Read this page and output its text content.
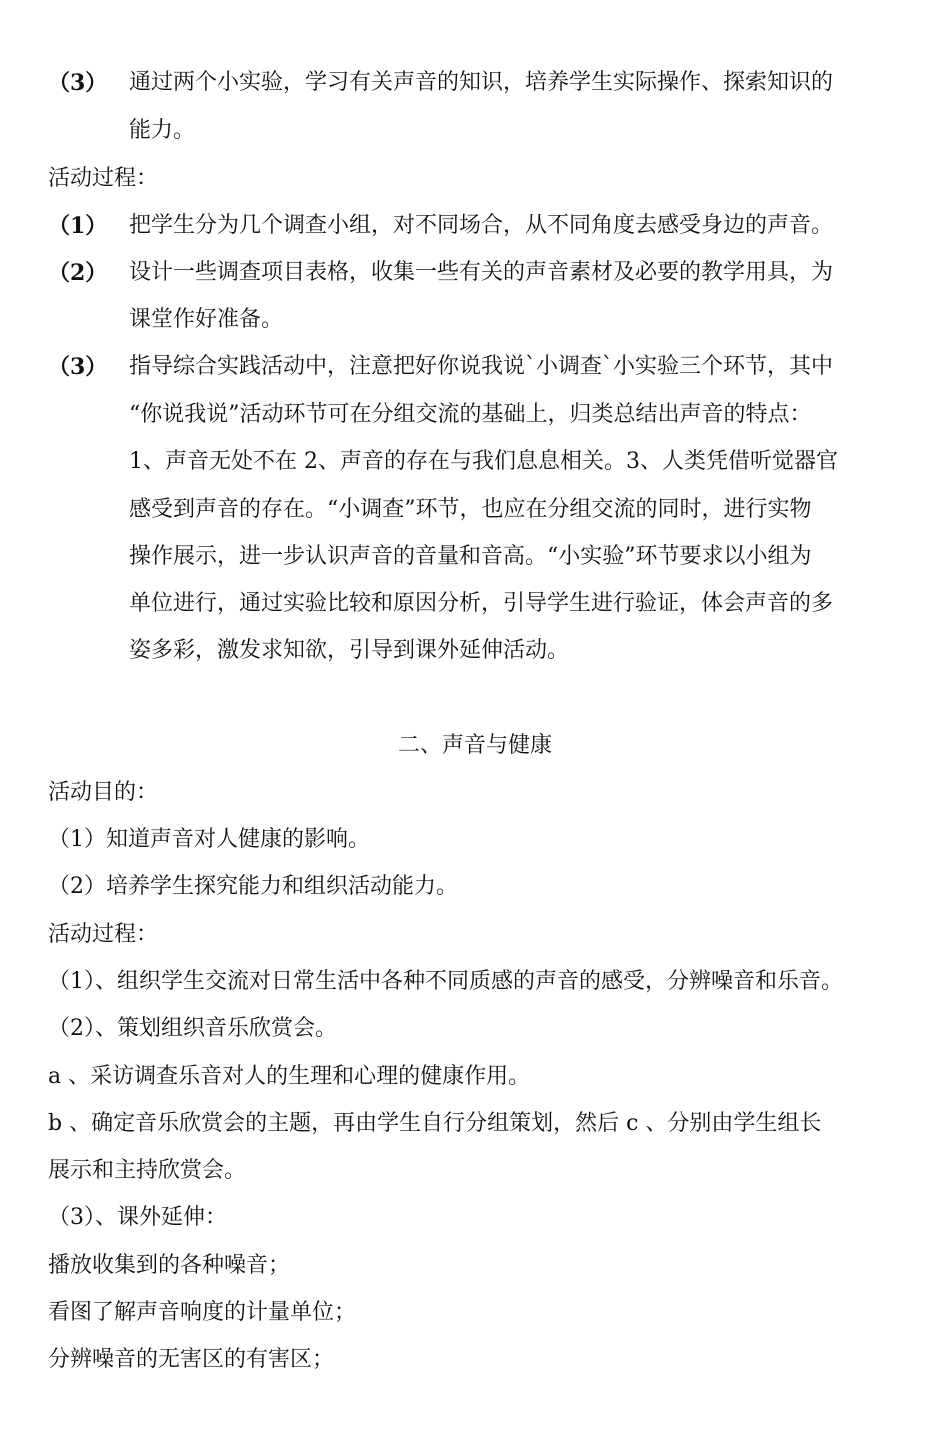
（3） 通过两个小实验，学习有关声音的知识，培养学生实际操作、探索知识的
能力。
活动过程：
（1） 把学生分为几个调查小组，对不同场合，从不同角度去感受身边的声音。
（2） 设计一些调查项目表格，收集一些有关的声音素材及必要的教学用具，为
课堂作好准备。
（3） 指导综合实践活动中，注意把好你说我说`小调查`小实验三个环节，其中
“你说我说”活动环节可在分组交流的基础上，归类总结出声音的特点：
1、声音无处不在 2、声音的存在与我们息息相关。3、人类凭借听觉器官
感受到声音的存在。“小调查”环节，也应在分组交流的同时，进行实物
操作展示，进一步认识声音的音量和音高。“小实验”环节要求以小组为
单位进行，通过实验比较和原因分析，引导学生进行验证，体会声音的多
姿多彩，激发求知欲，引导到课外延伸活动。
二、声音与健康
活动目的：
（1）知道声音对人健康的影响。
（2）培养学生探究能力和组织活动能力。
活动过程：
（1）、组织学生交流对日常生活中各种不同质感的声音的感受，分辨噪音和乐音。
（2）、策划组织音乐欣赏会。
a 、采访调查乐音对人的生理和心理的健康作用。
b 、确定音乐欣赏会的主题，再由学生自行分组策划，然后 c 、分别由学生组长
展示和主持欣赏会。
（3）、课外延伸：
播放收集到的各种噪音；
看图了解声音响度的计量单位；
分辨噪音的无害区的有害区；
